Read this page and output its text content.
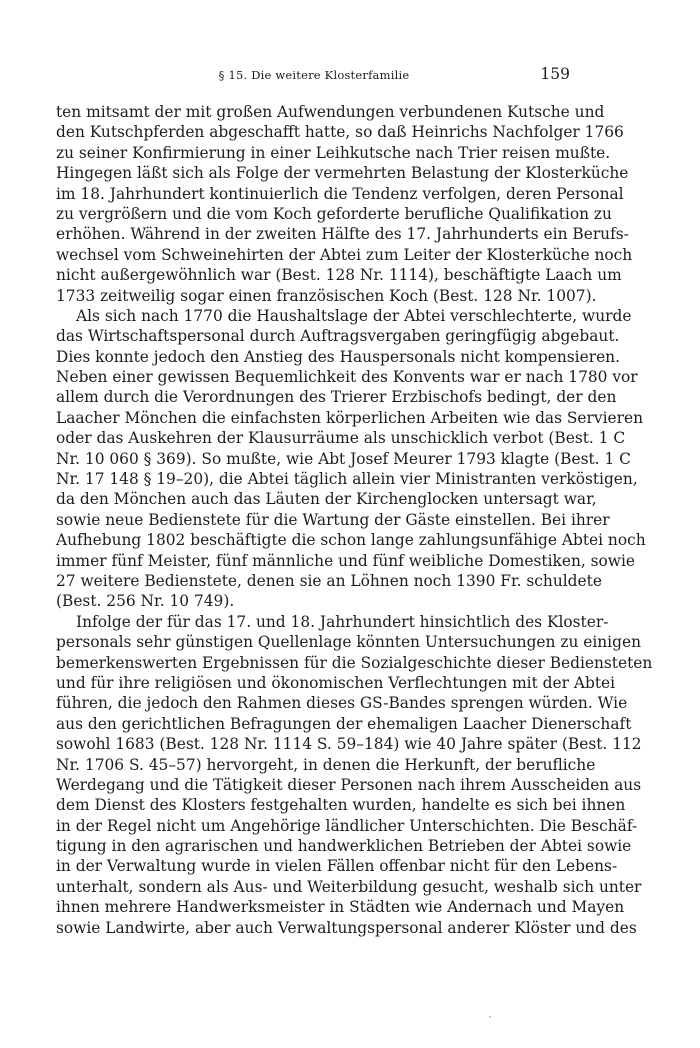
§ 15. Die weitere Klosterfamilie	159
ten mitsamt der mit großen Aufwendungen verbundenen Kutsche und
den Kutschpferden abgeschafft hatte, so daß Heinrichs Nachfolger 1766
zu seiner Konfirmierung in einer Leihkutsche nach Trier reisen mußte.
Hingegen läßt sich als Folge der vermehrten Belastung der Klosterküche
im 18. Jahrhundert kontinuierlich die Tendenz verfolgen, deren Personal
zu vergrößern und die vom Koch geforderte berufliche Qualifikation zu
erhöhen. Während in der zweiten Hälfte des 17. Jahrhunderts ein Berufs-
wechsel vom Schweinehirten der Abtei zum Leiter der Klosterküche noch
nicht außergewöhnlich war (Best. 128 Nr. 1114), beschäftigte Laach um
1733 zeitweilig sogar einen französischen Koch (Best. 128 Nr. 1007).
Als sich nach 1770 die Haushaltslage der Abtei verschlechterte, wurde
das Wirtschaftspersonal durch Auftragsvergaben geringfügig abgebaut.
Dies konnte jedoch den Anstieg des Hauspersonals nicht kompensieren.
Neben einer gewissen Bequemlichkeit des Konvents war er nach 1780 vor
allem durch die Verordnungen des Trierer Erzbischofs bedingt, der den
Laacher Mönchen die einfachsten körperlichen Arbeiten wie das Servieren
oder das Auskehren der Klausurräume als unschicklich verbot (Best. 1 C
Nr. 10 060 § 369). So mußte, wie Abt Josef Meurer 1793 klagte (Best. 1 C
Nr. 17 148 § 19–20), die Abtei täglich allein vier Ministranten verköstigen,
da den Mönchen auch das Läuten der Kirchenglocken untersagt war,
sowie neue Bedienstete für die Wartung der Gäste einstellen. Bei ihrer
Aufhebung 1802 beschäftigte die schon lange zahlungsunfähige Abtei noch
immer fünf Meister, fünf männliche und fünf weibliche Domestiken, sowie
27 weitere Bedienstete, denen sie an Löhnen noch 1390 Fr. schuldete
(Best. 256 Nr. 10 749).
Infolge der für das 17. und 18. Jahrhundert hinsichtlich des Kloster-
personals sehr günstigen Quellenlage könnten Untersuchungen zu einigen
bemerkenswerten Ergebnissen für die Sozialgeschichte dieser Bediensteten
und für ihre religiösen und ökonomischen Verflechtungen mit der Abtei
führen, die jedoch den Rahmen dieses GS-Bandes sprengen würden. Wie
aus den gerichtlichen Befragungen der ehemaligen Laacher Dienerschaft
sowohl 1683 (Best. 128 Nr. 1114 S. 59–184) wie 40 Jahre später (Best. 112
Nr. 1706 S. 45–57) hervorgeht, in denen die Herkunft, der berufliche
Werdegang und die Tätigkeit dieser Personen nach ihrem Ausscheiden aus
dem Dienst des Klosters festgehalten wurden, handelte es sich bei ihnen
in der Regel nicht um Angehörige ländlicher Unterschichten. Die Beschäf-
tigung in den agrarischen und handwerklichen Betrieben der Abtei sowie
in der Verwaltung wurde in vielen Fällen offenbar nicht für den Lebens-
unterhalt, sondern als Aus- und Weiterbildung gesucht, weshalb sich unter
ihnen mehrere Handwerksmeister in Städten wie Andernach und Mayen
sowie Landwirte, aber auch Verwaltungspersonal anderer Klöster und des
